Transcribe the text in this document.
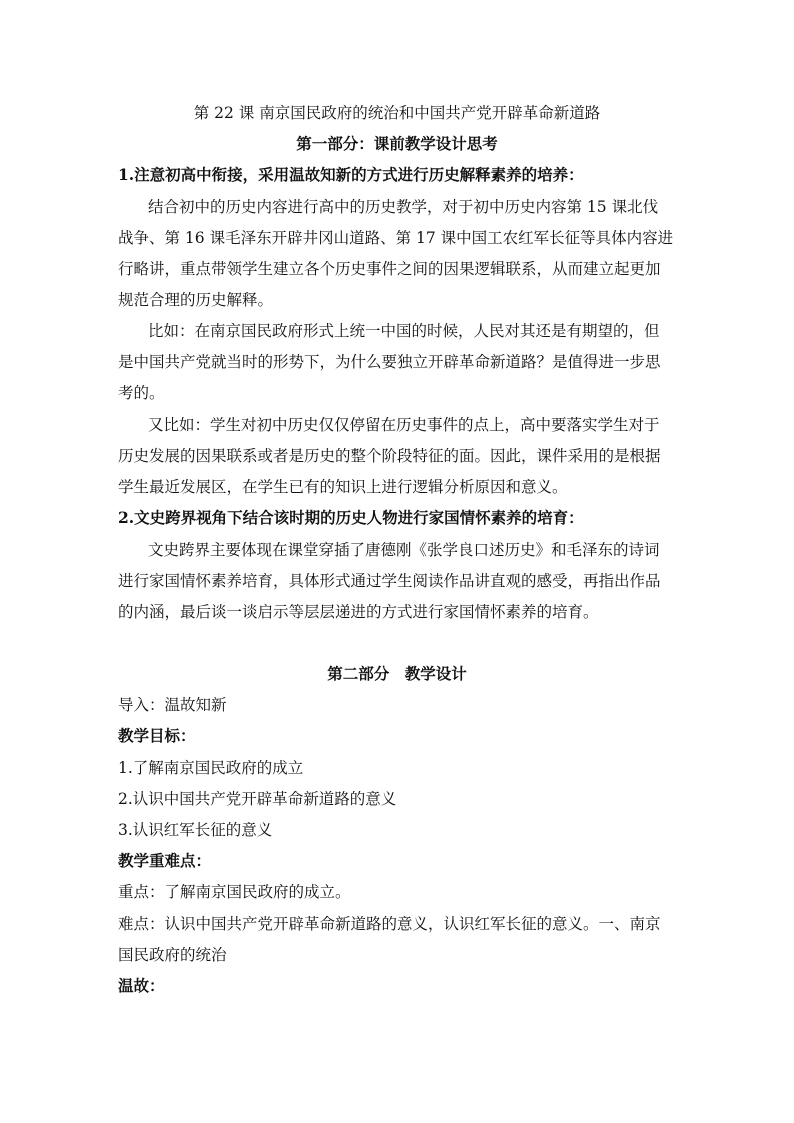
第 22 课 南京国民政府的统治和中国共产党开辟革命新道路
第一部分：课前教学设计思考
1.注意初高中衔接，采用温故知新的方式进行历史解释素养的培养：
结合初中的历史内容进行高中的历史教学，对于初中历史内容第 15 课北伐
战争、第 16 课毛泽东开辟井冈山道路、第 17 课中国工农红军长征等具体内容进
行略讲，重点带领学生建立各个历史事件之间的因果逻辑联系，从而建立起更加
规范合理的历史解释。
比如：在南京国民政府形式上统一中国的时候，人民对其还是有期望的，但
是中国共产党就当时的形势下，为什么要独立开辟革命新道路？是值得进一步思
考的。
又比如：学生对初中历史仅仅停留在历史事件的点上，高中要落实学生对于
历史发展的因果联系或者是历史的整个阶段特征的面。因此，课件采用的是根据
学生最近发展区，在学生已有的知识上进行逻辑分析原因和意义。
2.文史跨界视角下结合该时期的历史人物进行家国情怀素养的培育：
文史跨界主要体现在课堂穿插了唐德刚《张学良口述历史》和毛泽东的诗词
进行家国情怀素养培育，具体形式通过学生阅读作品讲直观的感受，再指出作品
的内涵，最后谈一谈启示等层层递进的方式进行家国情怀素养的培育。
第二部分　教学设计
导入：温故知新
教学目标：
1.了解南京国民政府的成立
2.认识中国共产党开辟革命新道路的意义
3.认识红军长征的意义
教学重难点：
重点：了解南京国民政府的成立。
难点：认识中国共产党开辟革命新道路的意义，认识红军长征的意义。一、南京
国民政府的统治
温故：
